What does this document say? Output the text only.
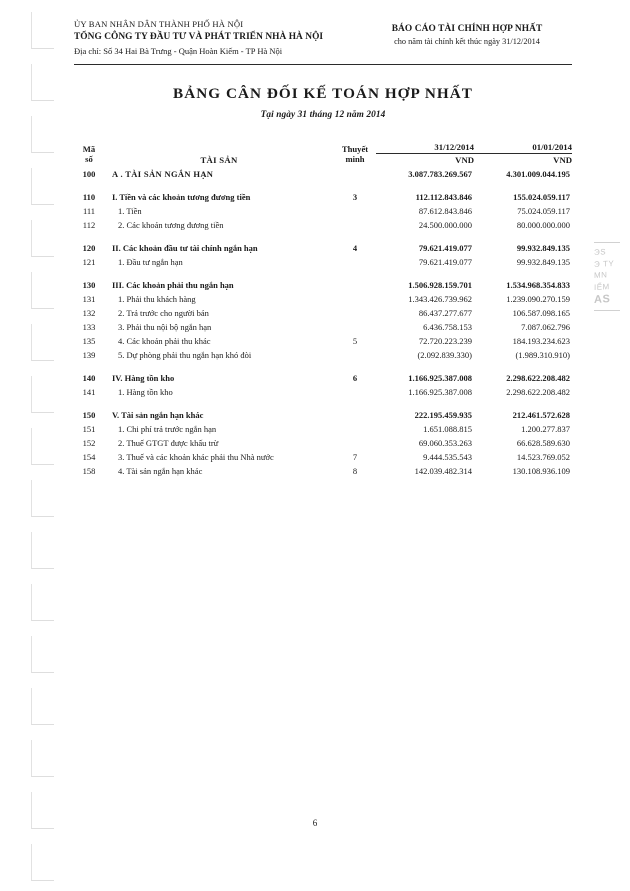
ЭS
Э TY
MN
IỂM
AS
ỦY BAN NHÂN DÂN THÀNH PHỐ HÀ NỘI
TỔNG CÔNG TY ĐẦU TƯ VÀ PHÁT TRIỂN NHÀ HÀ NỘI
Địa chỉ: Số 34 Hai Bà Trưng - Quận Hoàn Kiếm - TP Hà Nội
BÁO CÁO TÀI CHÍNH HỢP NHẤT
cho năm tài chính kết thúc ngày 31/12/2014
BẢNG CÂN ĐỐI KẾ TOÁN HỢP NHẤT
Tại ngày 31 tháng 12 năm 2014
Mã
số	TÀI SẢN	
Thuyết
minh

31/12/2014
VND

01/01/2014
VND

100	A . TÀI SẢN NGẮN HẠN		3.087.783.269.567	4.301.009.044.195
110	I. Tiền và các khoản tương đương tiền	3	112.112.843.846	155.024.059.117
111	1. Tiền		87.612.843.846	75.024.059.117
112	2. Các khoản tương đương tiền		24.500.000.000	80.000.000.000
120	II. Các khoản đầu tư tài chính ngắn hạn	4	79.621.419.077	99.932.849.135
121	1. Đầu tư ngắn hạn		79.621.419.077	99.932.849.135
130	III. Các khoản phải thu ngắn hạn		1.506.928.159.701	1.534.968.354.833
131	1. Phải thu khách hàng		1.343.426.739.962	1.239.090.270.159
132	2. Trả trước cho người bán		86.437.277.677	106.587.098.165
133	3. Phải thu nội bộ ngắn hạn		6.436.758.153	7.087.062.796
135	4. Các khoản phải thu khác	5	72.720.223.239	184.193.234.623
139	5. Dự phòng phải thu ngắn hạn khó đòi		(2.092.839.330)	(1.989.310.910)
140	IV. Hàng tồn kho	6	1.166.925.387.008	2.298.622.208.482
141	1. Hàng tồn kho		1.166.925.387.008	2.298.622.208.482
150	V. Tài sản ngắn hạn khác		222.195.459.935	212.461.572.628
151	1. Chi phí trả trước ngắn hạn		1.651.088.815	1.200.277.837
152	2. Thuế GTGT được khấu trừ		69.060.353.263	66.628.589.630
154	3. Thuế và các khoản khác phải thu Nhà nước	7	9.444.535.543	14.523.769.052
158	4. Tài sản ngắn hạn khác	8	142.039.482.314	130.108.936.109
6
